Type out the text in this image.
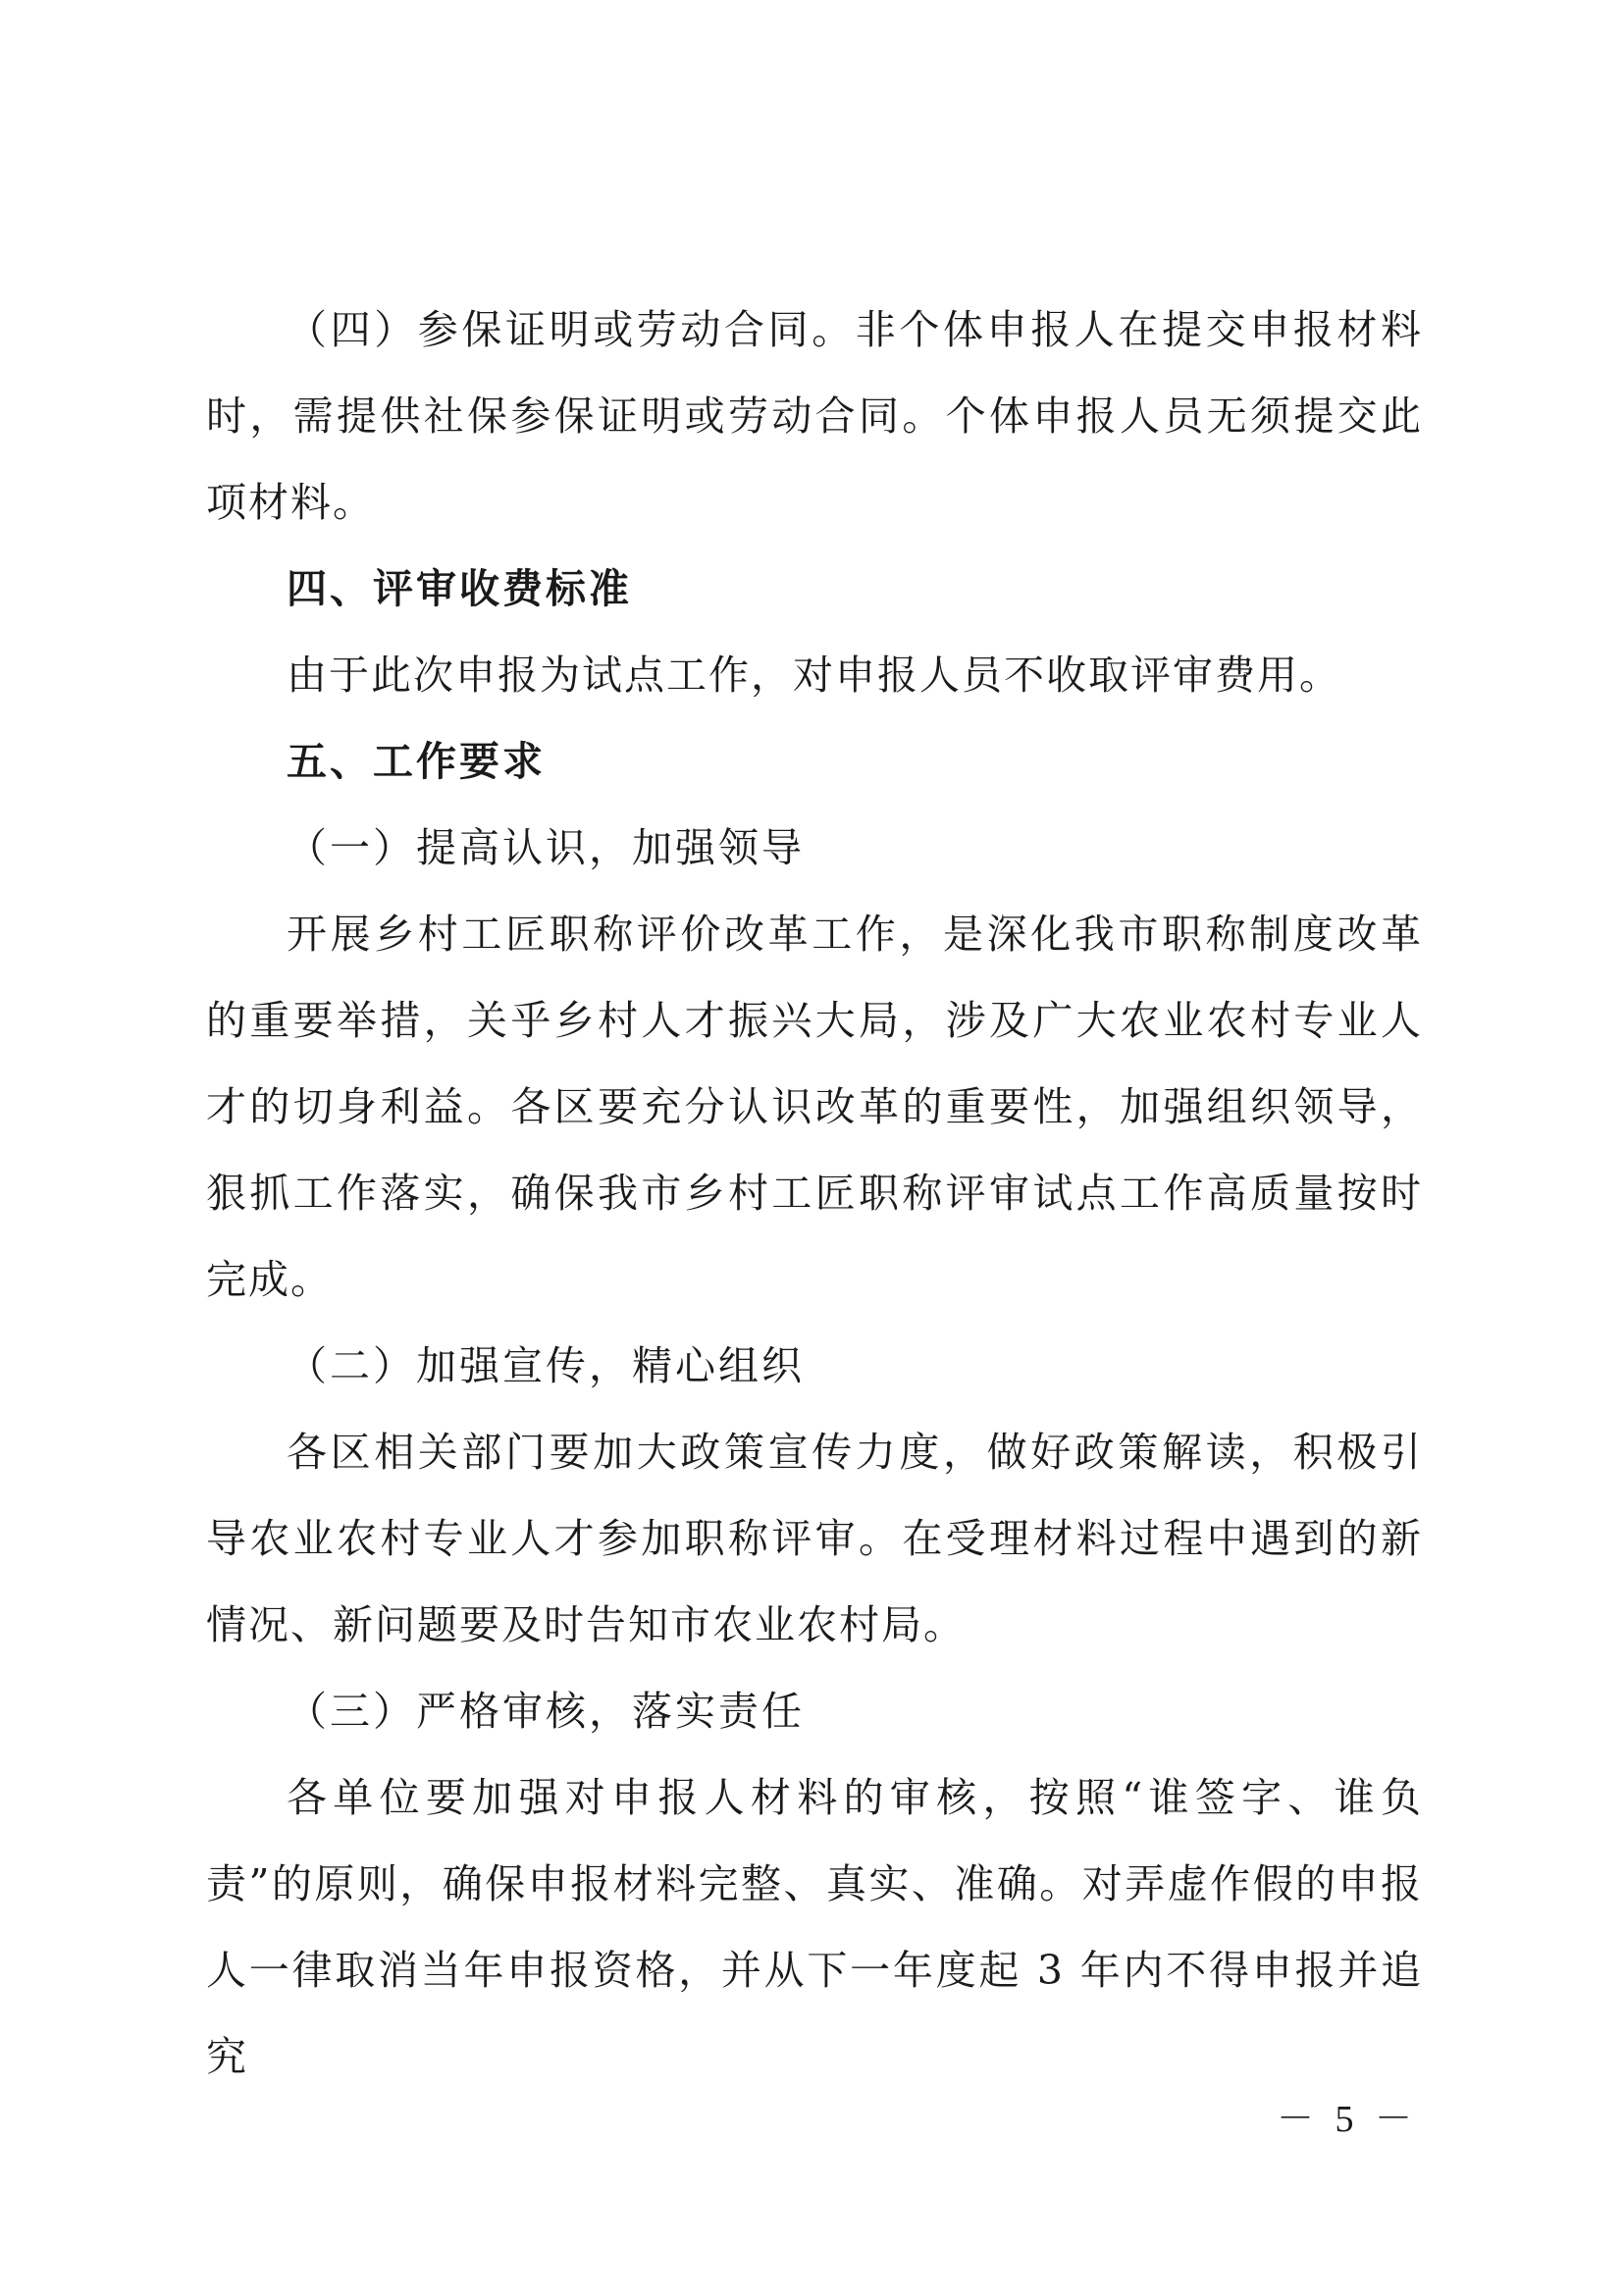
（四）参保证明或劳动合同。非个体申报人在提交申报材料时，需提供社保参保证明或劳动合同。个体申报人员无须提交此项材料。

四、评审收费标准

由于此次申报为试点工作，对申报人员不收取评审费用。

五、工作要求

（一）提高认识，加强领导

开展乡村工匠职称评价改革工作，是深化我市职称制度改革的重要举措，关乎乡村人才振兴大局，涉及广大农业农村专业人才的切身利益。各区要充分认识改革的重要性，加强组织领导，狠抓工作落实，确保我市乡村工匠职称评审试点工作高质量按时完成。

（二）加强宣传，精心组织

各区相关部门要加大政策宣传力度，做好政策解读，积极引导农业农村专业人才参加职称评审。在受理材料过程中遇到的新情况、新问题要及时告知市农业农村局。

（三）严格审核，落实责任

各单位要加强对申报人材料的审核，按照“谁签字、谁负责”的原则，确保申报材料完整、真实、准确。对弄虚作假的申报人一律取消当年申报资格，并从下一年度起 3 年内不得申报并追究

－ 5 －
